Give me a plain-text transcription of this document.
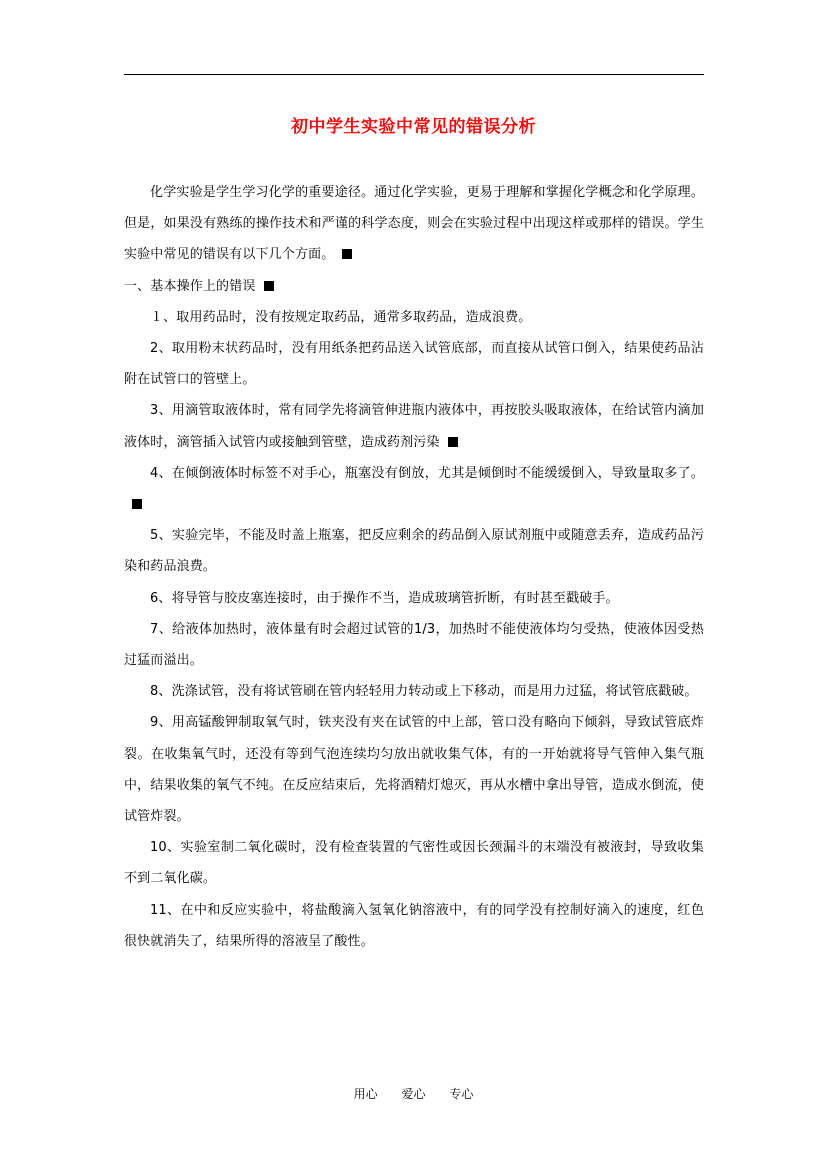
初中学生实验中常见的错误分析

化学实验是学生学习化学的重要途径。通过化学实验，更易于理解和掌握化学概念和化学原理。但是，如果没有熟练的操作技术和严谨的科学态度，则会在实验过程中出现这样或那样的错误。学生实验中常见的错误有以下几个方面。

一、基本操作上的错误

１、取用药品时，没有按规定取药品，通常多取药品，造成浪费。

2、取用粉末状药品时，没有用纸条把药品送入试管底部，而直接从试管口倒入，结果使药品沾附在试管口的管壁上。

3、用滴管取液体时，常有同学先将滴管伸进瓶内液体中，再按胶头吸取液体，在给试管内滴加液体时，滴管插入试管内或接触到管壁，造成药剂污染

4、在倾倒液体时标签不对手心，瓶塞没有倒放，尤其是倾倒时不能缓缓倒入，导致量取多了。

5、实验完毕，不能及时盖上瓶塞，把反应剩余的药品倒入原试剂瓶中或随意丢弃，造成药品污染和药品浪费。

6、将导管与胶皮塞连接时，由于操作不当，造成玻璃管折断，有时甚至戳破手。

7、给液体加热时，液体量有时会超过试管的1/3，加热时不能使液体均匀受热，使液体因受热过猛而溢出。

8、洗涤试管，没有将试管刷在管内轻轻用力转动或上下移动，而是用力过猛，将试管底戳破。

9、用高锰酸钾制取氧气时，铁夹没有夹在试管的中上部，管口没有略向下倾斜，导致试管底炸裂。在收集氧气时，还没有等到气泡连续均匀放出就收集气体，有的一开始就将导气管伸入集气瓶中，结果收集的氧气不纯。在反应结束后，先将酒精灯熄灭，再从水槽中拿出导管，造成水倒流，使试管炸裂。

10、实验室制二氧化碳时，没有检查装置的气密性或因长颈漏斗的末端没有被液封，导致收集不到二氧化碳。

11、在中和反应实验中，将盐酸滴入氢氧化钠溶液中，有的同学没有控制好滴入的速度，红色很快就消失了，结果所得的溶液呈了酸性。

用心 爱心 专心
